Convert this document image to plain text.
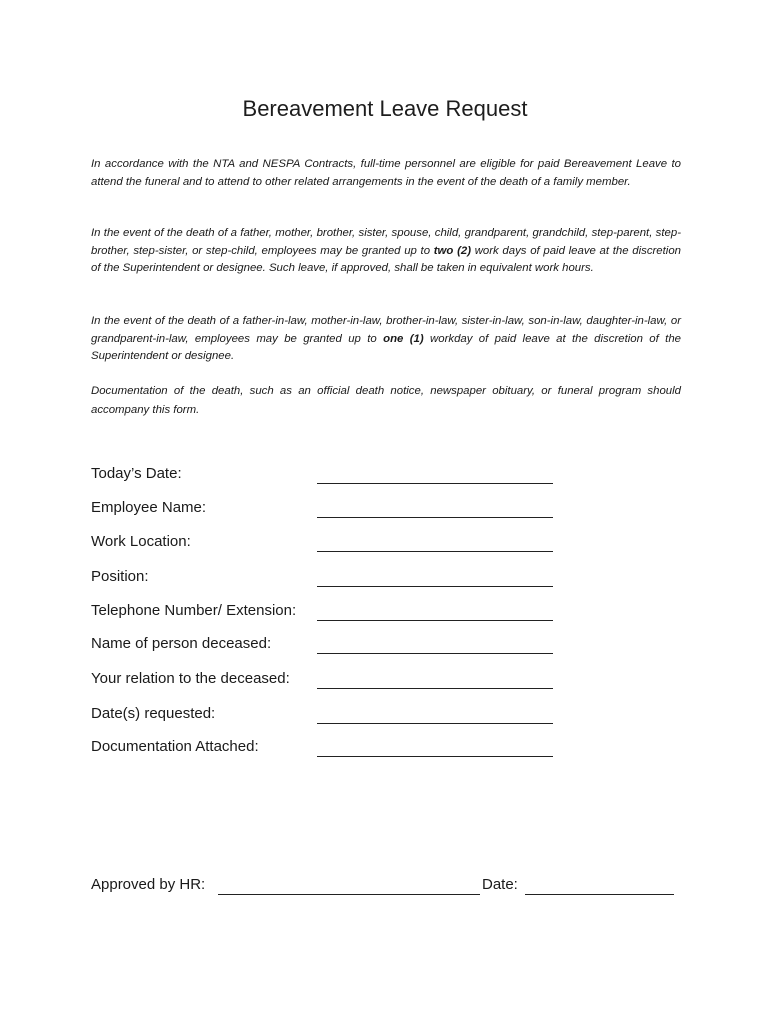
Bereavement Leave Request
In accordance with the NTA and NESPA Contracts, full-time personnel are eligible for paid Bereavement Leave to attend the funeral and to attend to other related arrangements in the event of the death of a family member.
In the event of the death of a father, mother, brother, sister, spouse, child, grandparent, grandchild, step-parent, step-brother, step-sister, or step-child, employees may be granted up to two (2) work days of paid leave at the discretion of the Superintendent or designee. Such leave, if approved, shall be taken in equivalent work hours.
In the event of the death of a father-in-law, mother-in-law, brother-in-law, sister-in-law, son-in-law, daughter-in-law, or grandparent-in-law, employees may be granted up to one (1) workday of paid leave at the discretion of the Superintendent or designee.
Documentation of the death, such as an official death notice, newspaper obituary, or funeral program should accompany this form.
Today’s Date:
Employee Name:
Work Location:
Position:
Telephone Number/ Extension:
Name of person deceased:
Your relation to the deceased:
Date(s) requested:
Documentation Attached:
Approved by HR:	Date:
